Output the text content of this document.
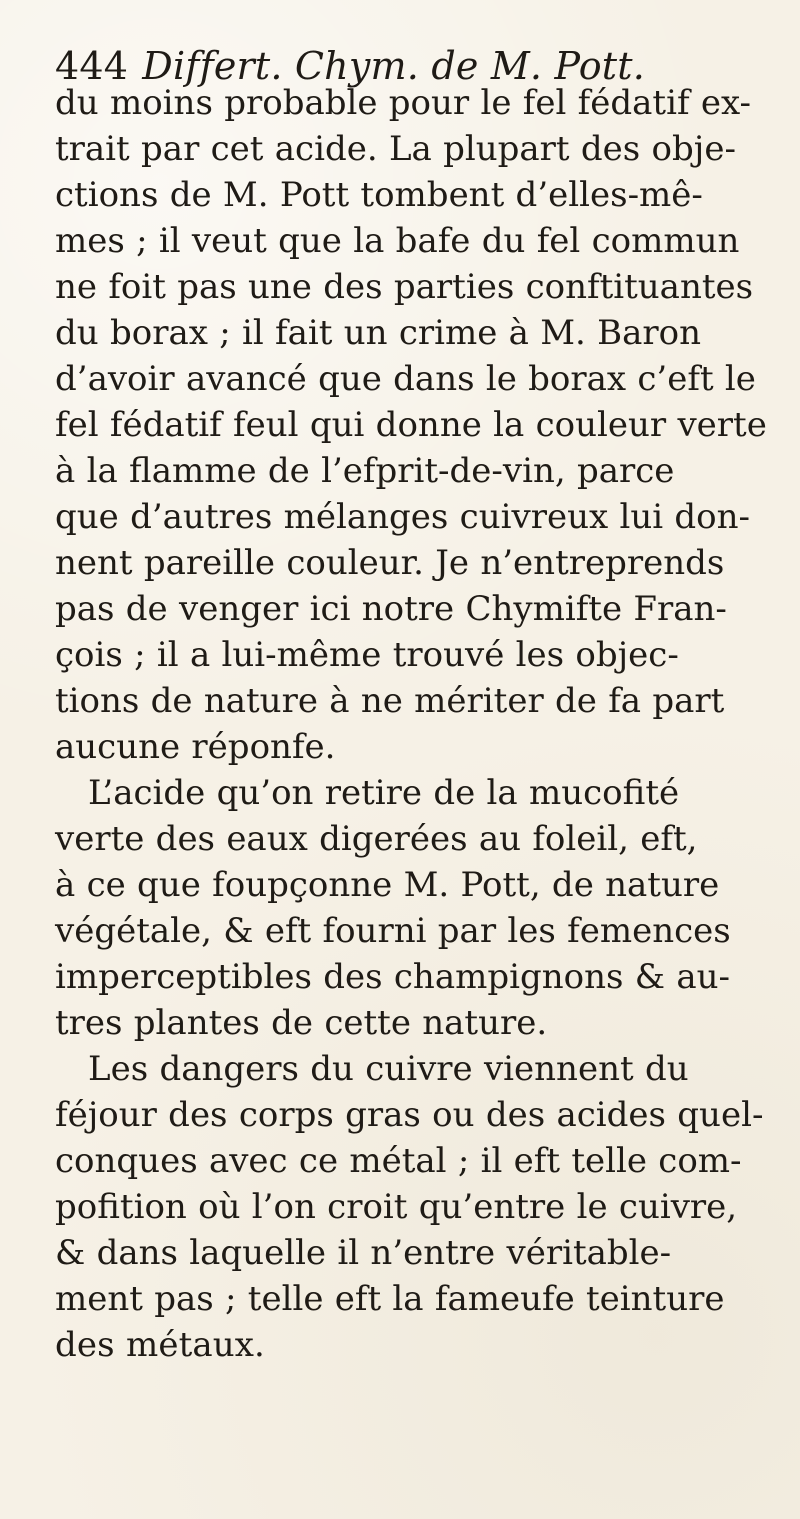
444 Differt. Chym. de M. Pott.
du moins probable pour le fel fédatif ex-
trait par cet acide. La plupart des obje-
ctions de M. Pott tombent d’elles-mê-
mes ; il veut que la bafe du fel commun
ne foit pas une des parties conftituantes
du borax ; il fait un crime à M. Baron
d’avoir avancé que dans le borax c’eft le
fel fédatif feul qui donne la couleur verte
à la flamme de l’efprit-de-vin, parce
que d’autres mélanges cuivreux lui don-
nent pareille couleur. Je n’entreprends
pas de venger ici notre Chymifte Fran-
çois ; il a lui-même trouvé les objec-
tions de nature à ne mériter de fa part
aucune réponfe.
L’acide qu’on retire de la mucofité
verte des eaux digerées au foleil, eft,
à ce que foupçonne M. Pott, de nature
végétale, & eft fourni par les femences
imperceptibles des champignons & au-
tres plantes de cette nature.
Les dangers du cuivre viennent du
féjour des corps gras ou des acides quel-
conques avec ce métal ; il eft telle com-
pofition où l’on croit qu’entre le cuivre,
& dans laquelle il n’entre véritable-
ment pas ; telle eft la fameufe teinture
des métaux.
